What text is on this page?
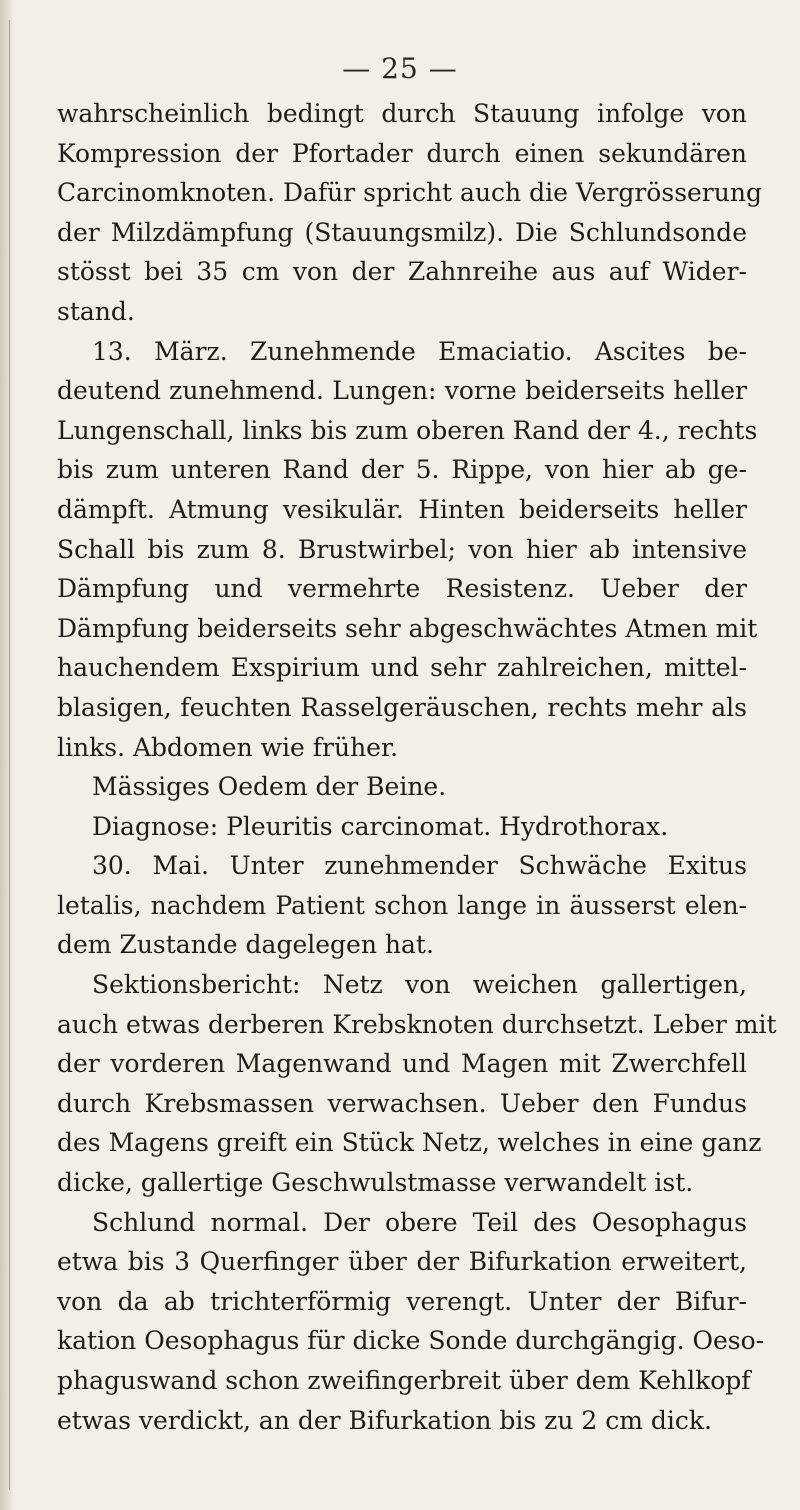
— 25 —
wahrscheinlich bedingt durch Stauung infolge von
Kompression der Pfortader durch einen sekundären
Carcinomknoten. Dafür spricht auch die Vergrösserung
der Milzdämpfung (Stauungsmilz). Die Schlundsonde
stösst bei 35 cm von der Zahnreihe aus auf Wider-
stand.
13. März. Zunehmende Emaciatio. Ascites be-
deutend zunehmend. Lungen: vorne beiderseits heller
Lungenschall, links bis zum oberen Rand der 4., rechts
bis zum unteren Rand der 5. Rippe, von hier ab ge-
dämpft. Atmung vesikulär. Hinten beiderseits heller
Schall bis zum 8. Brustwirbel; von hier ab intensive
Dämpfung und vermehrte Resistenz. Ueber der
Dämpfung beiderseits sehr abgeschwächtes Atmen mit
hauchendem Exspirium und sehr zahlreichen, mittel-
blasigen, feuchten Rasselgeräuschen, rechts mehr als
links. Abdomen wie früher.
Mässiges Oedem der Beine.
Diagnose: Pleuritis carcinomat. Hydrothorax.
30. Mai. Unter zunehmender Schwäche Exitus
letalis, nachdem Patient schon lange in äusserst elen-
dem Zustande dagelegen hat.
Sektionsbericht: Netz von weichen gallertigen,
auch etwas derberen Krebsknoten durchsetzt. Leber mit
der vorderen Magenwand und Magen mit Zwerchfell
durch Krebsmassen verwachsen. Ueber den Fundus
des Magens greift ein Stück Netz, welches in eine ganz
dicke, gallertige Geschwulstmasse verwandelt ist.
Schlund normal. Der obere Teil des Oesophagus
etwa bis 3 Querfinger über der Bifurkation erweitert,
von da ab trichterförmig verengt. Unter der Bifur-
kation Oesophagus für dicke Sonde durchgängig. Oeso-
phaguswand schon zweifingerbreit über dem Kehlkopf
etwas verdickt, an der Bifurkation bis zu 2 cm dick.
